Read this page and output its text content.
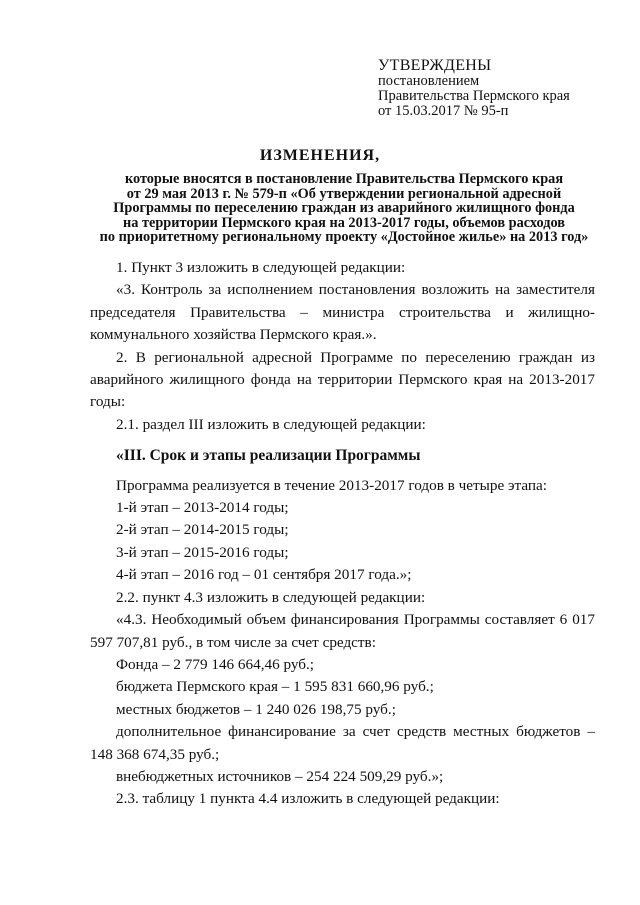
УТВЕРЖДЕНЫ
постановлением
Правительства Пермского края
от 15.03.2017 № 95-п
ИЗМЕНЕНИЯ,
которые вносятся в постановление Правительства Пермского края
от 29 мая 2013 г. № 579-п «Об утверждении региональной адресной
Программы по переселению граждан из аварийного жилищного фонда
на территории Пермского края на 2013-2017 годы, объемов расходов
по приоритетному региональному проекту «Достойное жилье» на 2013 год»

1. Пункт 3 изложить в следующей редакции:

«3. Контроль за исполнением постановления возложить на заместителя председателя Правительства – министра строительства и жилищно-коммунального хозяйства Пермского края.».

2. В региональной адресной Программе по переселению граждан из аварийного жилищного фонда на территории Пермского края на 2013-2017 годы:

2.1. раздел III изложить в следующей редакции:

«III. Срок и этапы реализации Программы

Программа реализуется в течение 2013-2017 годов в четыре этапа:

1-й этап – 2013-2014 годы;

2-й этап – 2014-2015 годы;

3-й этап – 2015-2016 годы;

4-й этап – 2016 год – 01 сентября 2017 года.»;

2.2. пункт 4.3 изложить в следующей редакции:

«4.3. Необходимый объем финансирования Программы составляет 6 017 597 707,81 руб., в том числе за счет средств:

Фонда – 2 779 146 664,46 руб.;

бюджета Пермского края – 1 595 831 660,96 руб.;

местных бюджетов – 1 240 026 198,75 руб.;

дополнительное финансирование за счет средств местных бюджетов – 148 368 674,35 руб.;

внебюджетных источников – 254 224 509,29 руб.»;

2.3. таблицу 1 пункта 4.4 изложить в следующей редакции:
